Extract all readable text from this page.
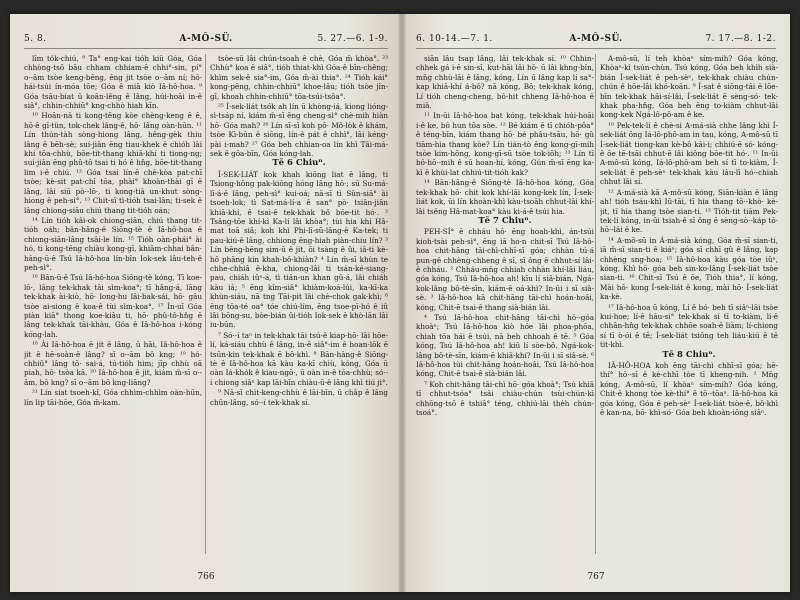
5. 8.	A-MÔ-SÜ.	5. 27.—6. 1-9.

lîm tök-chiú, ⁸ Ta° eng-kai tióh kiû Góa, Góa chhòng-tsō bâu chham chhiam-ê chhi°-sin, pí° o·-ām tsòe keng-bêng, ēng jit tsòe o·-ām ní; hō· hái-tsúi ín-móa tōe; Góa ê miâ kiò Iâ-hô-hoa. ⁹ Góa tsāu-biat ū koân-lêng ê lâng, húi-hoāi in-ê siâ°, chhin-chhiū° kng-chhò hiah kīn.

¹⁰ Hoān-nā ti kong-têng kòe chèng-keng ê ê, hō·ê gī-tün, tok-chek lâng-ê, hō· lâng oàn-hūn. ¹¹ Lín thún-tàh sòng-hiong lâng, hêng-gèk thiu lâng ê bēh-sè; sui-jiân ēng tiau-khek ê chióh lâi khí tōa-chhù, bōe-tit-thang khiā-khí ti tiong-ng; sui-jiân ēng phû-tô tsai ti hó ê hn̂g, bōe-tit-thang lim i-ê chiú. ¹² Góa tsai lín-ê chē-kòa pat-chī tsòe; kè-sit pat-chī tōa, phài° khoàn-thài gī ê lâng, lâi siū pò·-lō·, ti kong-tiâ un-khut sòng-hiong ê peh-sì°. ¹³ Chit-sī tì-tióh tsai-lân; ti-sek ê lâng chiong-siāu chiú thang tit-tióh oán;

¹⁴ Lín tióh kâi-ok chiong-siān, chiú thang tit-tióh oáh; bān-hâng-ê Siōng-tè ê Iâ-hô-hoa ê chiong-siān-lâng tsâi-le lín. ¹⁵ Tióh oàn-phái° ài hó, ti kong-têng chiàu kong-gī, khiām-chhai bān-hâng-ū-ê Tsú Iâ-hô-hoa lín-bîn Iok-sek lâu-teh-ê peh-sì°.

¹⁶ Bān-ū-ê Tsú Iâ-hô-hoa Siōng-tè kóng, Tī koe-lō·, lâng tek-khak tāi sìm-koa°; tī hâng-á, lâng tek-khak ài-kiò, hō· long-hu lâi-bak-sái, hō· gâu tsòe ai-siong ê koa-ê tùi sìm-koa°. ¹⁷ Ín-uī Góa piàn kiā° thong koe-kiâu ti, hō· phû-tô-hn̂g ê lâng tek-khak tāi-khàu, Góa ê Iâ-hô-hoa i-kóng kóng-lah.

¹⁸ Ài Iâ-hô-hoa ê jit ê lâng, ū hāi, Iâ-hô-hoa ê jit ê hē-soàn-ê lâng? sī o·-ām bô kng; ¹⁹ hó-chhiū° lâng tō· sai-á, tú-tióh him; jīp chhù oā piah, hō· tsòa kā. ²⁰ Iâ-hô-hoa ê jit, kiám m̄-sī o·-ām, bô kng? sī o·-ām bô kng-liāng?

²¹ Lín siat tsoeh-kî, Góa chhìm-chhìm oàn-hūn, lín lip tāi-hōe, Góa m̄-kam.

tsòe-sū lâi chún-tsoah ê chè, Góa m̄ khòa°. ²³ Chhù° koa ê siâ°, tióh thiat-khì Góa-ê bīn-chêng; khìm sek-ê sia°-im, Góa m̄-ài thia°. ²⁴ Tióh kái° kong-pêng, chhin-chhiū° khoe-lâu; tióh tsòe jîn-gī, khoah chhin-chhiū° tōa-tsúi-tsôa°.

²⁵ Í-sek-liát tsók ah lín ū khòng-iá, kiong lióng-sì-tsáp ní, kiám m̄-sī ēng cheng-sì° chè-mih hiàn hō· Góa mah? ²⁶ Lín sī-sī koh pō· Mô-lòk ê khám, tsòe Kì-bûn ê siōng, lín-ê pát ê chhì°, lâi kéng-pài i-mah? ²⁷ Góa beh chhian-oa lín khì Tāi-má-sek ê gōa-bīn, Góa kóng-lah.

Tē 6 Chiuⁿ.

Í-SEK-LIÁT kok khah kiōng liat ê lâng, ti Tsiong-hông pak-kiōng hóng lâng hō·; sū Su-má-lī-á-ê lâng, peh-sì° kui-oá; nā-sī tì Sûn-siā° ài tsoeh-lok; tì Sat-má-lí-a ê san° pò· tsiân-jiân khiā-khí, ê tsai-ê tek-khak bô bōe-tit hó·. ² Tsâng-tōe khí-kì Ka-lí lâi khòa°; tùi hia khí Hâ-mat toā siâ; koh khì Phi-lī-sū-lâng-ê Ka-tek; ti pau-kiú-ê lâng, chhiong ēng-hiah piàn-chiu lín? ³ Lín bēng-bēng sim-ū ê jit, ōi tsàng ê ûi, iâ-ti kè-hô phāng kín khah-bô-khiàn? ⁴ Lín m̄-sī khùn te chhe-chhiâ ē-kha, chiong-lāi ti tsán-ké-siang-pau, chiáh iûⁿ-á, tì tiān-un khan gû-á, lâi chiáh kàu iá; ⁵ ēng kîm-siā° khiàm-koá-lúi, ka-kī-ka khùn-siáu, nā tng Tāi-pit lâi chè-chok gak-khì; ⁶ ēng tōa-té oa° tóe chiú-lím, ēng tsoe-pī-hó ê iû lâi bōng-su, bòe-bián ūi-tióh Iok-sek ê khò-lān lâi iu-būn.

⁷ Só·-í taⁿ in tek-khak tāi tsú-ê kiap-hō· lâi hōe-lí, ká-siáu chhù ê lâng, in-ê siâ°-im ê hoan-lōk ê tsūn-kin tek-khak ē bô-khì. ⁸ Bān-hâng-ê Siōng-tè ê Iâ-hô-hoa kā kàu ka-kī chiù, kóng, Góa ū oàn Iá-kho̍k ê kiau-ngō·, ū oàn in-ê tōa-chhù; só·-í chiong siâⁿ kap lāi-bīn chiàu-ū-ê lâng khì tiú ji°.

⁹ Nā-sī chit-keng-chhù ê lāi-bīn, ū chāp ê lâng chūn-lâng, só·-í tek-khak sí.

766
6. 10-14.—7. 1.	A-MÔ-SÜ.	7. 17.—8. 1-2.

siān lâu tsap lâng, lâi tek-khak sí. ¹⁰ Chhin-chhek gá i-ê sin-sî, kut-hāi lâi hō· ū lâi khng-bîn, mn̄g chhù-lāi ê lâng, kóng, Lín ū lâng kap lí sa°-kap khiā-khí á-bô? nā kóng, Bô; tek-khak kóng, Lí tióh cheng-cheng, bô-hit chheng Iâ-hô-hoa ê miâ.

¹¹ In-ūi Iâ-hô-hoa bat kóng, tek-khak húi-hoāi i-ê ke, bô hun tōa sòe. ¹² Bé kiám ē tī chióh-pôa° ê téng-bīn, kiám thang hō· bé phâu-tsāu, hō· gû tiām-hia thang kòe? Lín tián-tò ēng kong-gī-mih tsòe kim-hōng, kong-gī-sū tsòe tok-iōh; ¹³ Lín tī bô-hō·-mih ê sū hoan-hí, kóng, Gún m̄-sī ēng ka-kī ê khùi-lat chhiú-tit-tióh kak?

¹⁴ Bān-hâng-ê Siōng-tè Iâ-hô-hoa kóng, Góa tek-khak hō· chit kok khí-lâi kong-kek lín, Í-sek-liát kok, ūi lín khoàn-khì kàu-tsoāh chhut-lâi khí-lâi tsêng Hâ-mat-koa° kàu ki-á-ê tsúi hia.

Tē 7 Chiuⁿ.

PEH-SÍ° ê chháu hō· ēng hoah-khì, án-tsúi kioh-tsài peh-sì°, ēng iā ho·n chit-sī Tsú Iâ-hô-hoa chit-hāng tāi-chì-chhī-sī góa; chhàn tú-á pun-gê chhèng-chheng ê sî, sī ông ê chhut-sí lâi-ê chháu. ² Chháu-mn̄g chhiah chhàn khí-lâi liáu, góa kóng, Tsú Iâ-hô-hoa ah! kīu lí siâ-bián, Ngá-kok-lâng bô-tè-sīn, kiám-ē oá-khì? In-ūi i sī siâ-sè. ³ Iâ-hô-hoa kā chit-hāng tāi-chì hoán-hoâi, kóng, Chit-ē tsai-ê thang sià-bián lâi.

⁴ Tsú Iâ-hô-hoa chit-hāng tāi-chì hō·-góa khoàⁿ; Tsú Iâ-hô-hoa kiò hóe lâi phoa-phōa, chiah tōa hái ê tsúi, nā beh chhoah ê tē. ⁵ Góa kóng, Tsú Iâ-hô-hoa ah! kiû lí sòe-bô. Ngá-kok-lâng bô-tè-sīn, kiám-ē khiā-khí? In-ūi i sī siâ-sè. ⁶ Iâ-hô-hoa tùi chit-hāng hoán-hoâi, Tsú Iâ-hô-hoa kóng, Chit-ē tsai-ê sià-bián lâi.

⁷ Koh chit-hāng tāi-chì hō· góa khoà°; Tsú khiā tī chhut-tsóa° tsâi chiàu-chún tsùi-chún-kì chhōng-tsō ê tshiâ° téng, chhiú-lāi the̍h chún-tsoá°.

A-mô-sū, lí teh khòaⁿ sím-mih? Góa kóng, Khòaⁿ-kì tsún-chùn. Tsú kóng, Góa beh khi̍h sià-bián Í-sek-liát ê peh-sèⁿ, tek-khak chiàu chún-chún ê hōe-lâi khó-koān. ⁹ Í-sat ê siōng-tâi ê lōe-bīn tek-khak hāi-sí-lâi, Í-sek-liát ê sèng-só· tek-khak pha-hn̂g, Góa beh ēng to-kiàm chhut-lâi kong-kek Ngá-lô-pô-am ê ke.

¹⁰ Pek-tek-lí ê chè-si A-má-sià chhe lâng khì Í-sek-liát ông Iá-lô-phô-am in tau, kóng, A-mô-sū tī Í-sek-liát tiong-kan kè-bô kāi-i; chhiú-ē só· kóng-ê ōe tē-tsāi chhut-ē lâi kiông bōe-tit hó·. ¹¹ In-ūi A-mô-sū kóng, Iá-lô-phô-am beh sí tī to-kiàm, Í-sek-liát ê peh-sèⁿ tek-khak kàu lâu-lī hó·-chiah chhut lâi sí.

¹² A-má-sià kā A-mô-sū kóng, Siān-kiàn ê lâng ah! tióh tsáu-khì Iû-tāi, tī hia thang tō·-khò· kè-jit, tī hia thang tsòe sian-ti. ¹³ Tióh-tit tiām Pek-tek-lí kóng, in-ūi tsiah-ê sī ông ê sèng-sò·-ka̍p tō· hō·-lâi ê ke.

¹⁴ A-mô-sū ìn Á-má-sià kóng, Góa m̄-sī sian-ti, iā m̄-sī sian-ti ê kiáⁿ; góa sī chhī gû ê lâng, kap chhèng sng-hoa; ¹⁵ Iâ-hô-hoa kàu góa tòe iûⁿ, kóng, Khì hō· góa beh sin-ko-lâng Í-sek-liát tsòe sian-ti. ¹⁶ Chit-sī Tsú ê ōe, Tióh thia°, lí kóng, Mài hō· kong Í-sek-liát ê kong, mài hō· Í-sek-liát ka-kè.

¹⁷ Iâ-hô-hoa ū kóng, Lí ê bó· beh tī siâⁿ-lāi tsòe kui-hoe; lí-ê hāu-si° tek-khak sí tī to-kiàm, lí-ê chhân-hn̂g tek-khak chhōe soah-ê liàm; lí-chiong sí tī ò-ói ê tē; Í-sek-liát tsiōng teh liáu-kiú ê tē tit-khì.

Tē 8 Chiuⁿ.

IÂ-HÔ-HOA koh ēng tāi-chì chhī-sī góa; hē-thí° hō·-sī ê kè-chhī tòe tī kheng-nih. ² Mn̄g kóng, A-mô-sū, lí khòaⁿ sím-mih? Góa kóng, Chit-ê khong tòe kè-thí° ê tō·-tōaⁿ. Iâ-hô-hoa kā góa kóng, Góa ê peh-sèⁿ Í-sek-liát tsòe-ē, bô-khì ê kan-na, bō· khì-só· Góa beh khoàn-iōng siâⁿ.

767
